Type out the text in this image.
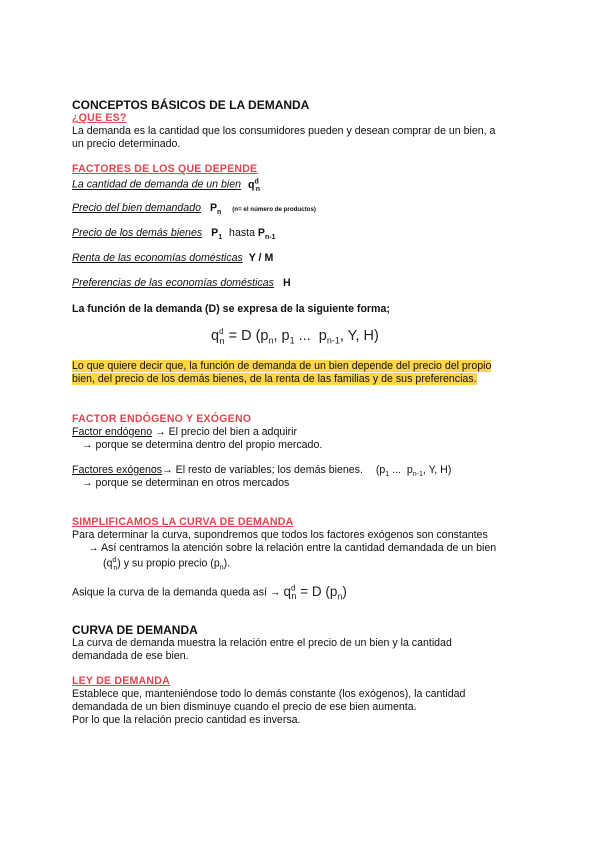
CONCEPTOS BÁSICOS DE LA DEMANDA
¿QUE ES?
La demanda es la cantidad que los consumidores pueden y desean comprar de un bien, a
un precio determinado.
FACTORES DE LOS QUE DEPENDE
La cantidad de demanda de un bien $q^d_n$
Precio del bien demandado $P_n$ (n= el número de productos)
Precio de los demás bienes $P_1$ hasta $P_{n-1}$
Renta de las economías domésticas Y / M
Preferencias de las economías domésticas H
La función de la demanda (D) se expresa de la siguiente forma;
$q^d_n = D$ ($p_n$, $p_1$ ...  $p_{n-1}$, Y, H)
Lo que quiere decir que, la función de demanda de un bien depende del precio del propio
bien, del precio de los demás bienes, de la renta de las familias y de sus preferencias.
FACTOR ENDÓGENO Y EXÓGENO
Factor endógeno → El precio del bien a adquirir
→ porque se determina dentro del propio mercado.
Factores exógenos→ El resto de variables; los demás bienes. ($p_1$ ...  $p_{n-1}$, Y, H)
→ porque se determinan en otros mercados
SIMPLIFICAMOS LA CURVA DE DEMANDA
Para determinar la curva, supondremos que todos los factores exógenos son constantes
→ Así centramos la atención sobre la relación entre la cantidad demandada de un bien
$(q^d_n)$ y su propio precio $(p_n)$.
Asique la curva de la demanda queda así → $q^d_n = D$ $(p_n)$
CURVA DE DEMANDA
La curva de demanda muestra la relación entre el precio de un bien y la cantidad
demandada de ese bien.
LEY DE DEMANDA
Establece que, manteniéndose todo lo demás constante (los exógenos), la cantidad
demandada de un bien disminuye cuando el precio de ese bien aumenta.
Por lo que la relación precio cantidad es inversa.
